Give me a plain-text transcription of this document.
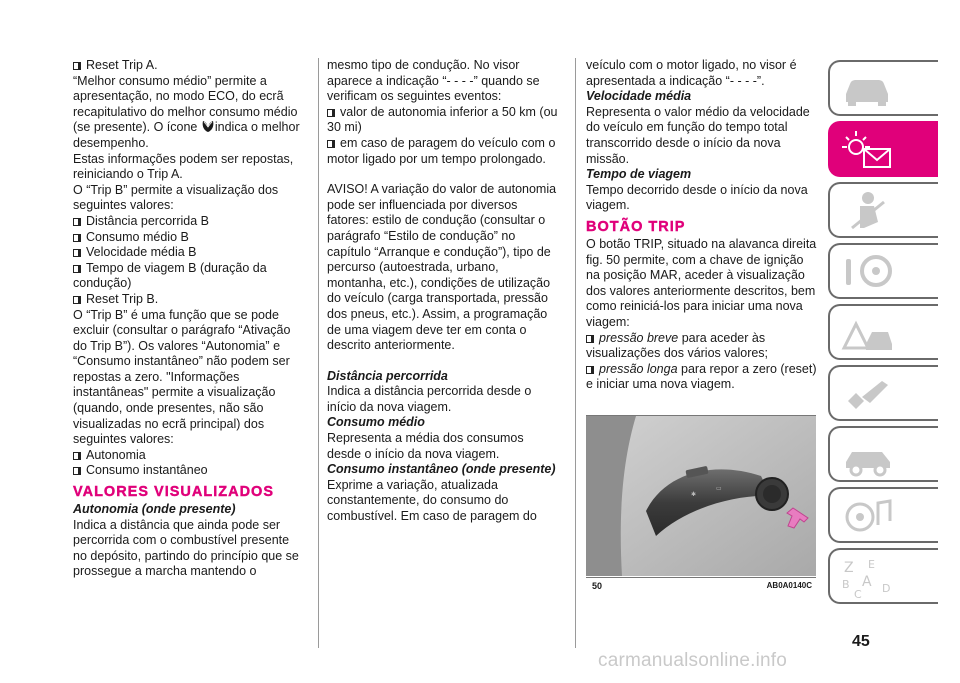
Reset Trip A.

“Melhor consumo médio” permite a apresentação, no modo ECO, do ecrã recapitulativo do melhor consumo médio (se presente). O ícone indica o melhor desempenho.

Estas informações podem ser repostas, reiniciando o Trip A.

O “Trip B” permite a visualização dos seguintes valores:

Distância percorrida B

Consumo médio B

Velocidade média B

Tempo de viagem B (duração da condução)

Reset Trip B.

O “Trip B” é uma função que se pode excluir (consultar o parágrafo “Ativação do Trip B”). Os valores “Autonomia” e “Consumo instantâneo” não podem ser repostas a zero. "Informações instantâneas" permite a visualização (quando, onde presentes, não são visualizadas no ecrã principal) dos seguintes valores:

Autonomia

Consumo instantâneo

VALORES VISUALIZADOS

Autonomia (onde presente)

Indica a distância que ainda pode ser percorrida com o combustível presente no depósito, partindo do princípio que se prossegue a marcha mantendo o

mesmo tipo de condução. No visor aparece a indicação “- - - -” quando se verificam os seguintes eventos:

valor de autonomia inferior a 50 km (ou 30 mi)

em caso de paragem do veículo com o motor ligado por um tempo prolongado.

AVISO! A variação do valor de autonomia pode ser influenciada por diversos fatores: estilo de condução (consultar o parágrafo “Estilo de condução” no capítulo “Arranque e condução”), tipo de percurso (autoestrada, urbano, montanha, etc.), condições de utilização do veículo (carga transportada, pressão dos pneus, etc.). Assim, a programação de uma viagem deve ter em conta o descrito anteriormente.

Distância percorrida

Indica a distância percorrida desde o início da nova viagem.

Consumo médio

Representa a média dos consumos desde o início da nova viagem.

Consumo instantâneo (onde presente)

Exprime a variação, atualizada constantemente, do consumo do combustível. Em caso de paragem do

veículo com o motor ligado, no visor é apresentada a indicação “- - - -”.

Velocidade média

Representa o valor médio da velocidade do veículo em função do tempo total transcorrido desde o início da nova missão.

Tempo de viagem

Tempo decorrido desde o início da nova viagem.

BOTÃO TRIP

O botão TRIP, situado na alavanca direita fig. 50 permite, com a chave de ignição na posição MAR, aceder à visualização dos valores anteriormente descritos, bem como reiniciá-los para iniciar uma nova viagem:

pressão breve para aceder às visualizações dos vários valores;

pressão longa para repor a zero (reset) e iniciar uma nova viagem.

✱
▭
50	AB0A0140C
Z E
B A D
C
45
carmanualsonline.info
